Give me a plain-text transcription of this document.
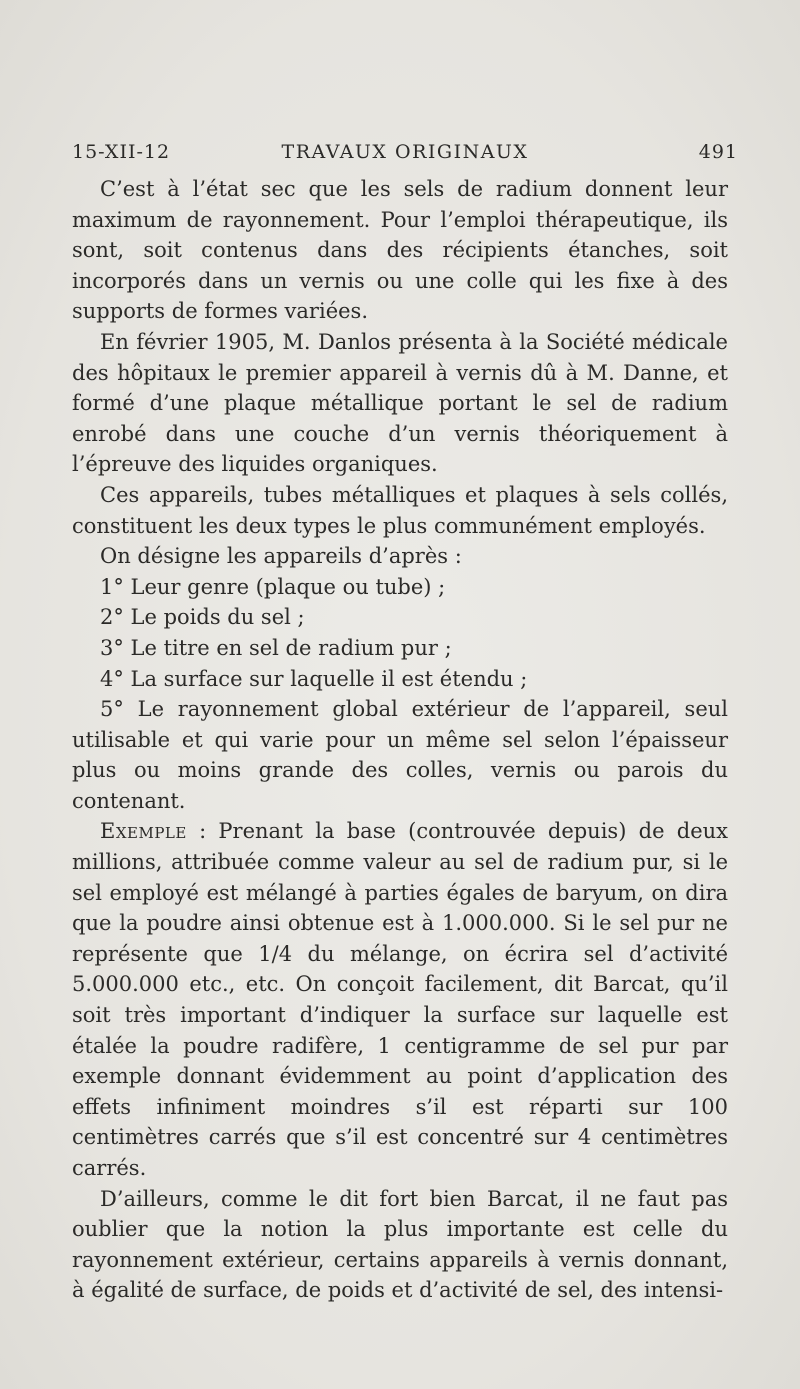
15-XII-12	TRAVAUX ORIGINAUX	491

C’est à l’état sec que les sels de radium donnent leur maximum de rayonnement. Pour l’emploi thérapeutique, ils sont, soit contenus dans des récipients étanches, soit incorporés dans un vernis ou une colle qui les fixe à des supports de formes variées.

En février 1905, M. Danlos présenta à la Société médicale des hôpitaux le premier appareil à vernis dû à M. Danne, et formé d’une plaque métallique portant le sel de radium enrobé dans une couche d’un vernis théoriquement à l’épreuve des liquides organiques.

Ces appareils, tubes métalliques et plaques à sels collés, constituent les deux types le plus communément employés.

On désigne les appareils d’après :

1° Leur genre (plaque ou tube) ;

2° Le poids du sel ;

3° Le titre en sel de radium pur ;

4° La surface sur laquelle il est étendu ;

5° Le rayonnement global extérieur de l’appareil, seul utilisable et qui varie pour un même sel selon l’épaisseur plus ou moins grande des colles, vernis ou parois du contenant.

Exemple : Prenant la base (controuvée depuis) de deux millions, attribuée comme valeur au sel de radium pur, si le sel employé est mélangé à parties égales de baryum, on dira que la poudre ainsi obtenue est à 1.000.000. Si le sel pur ne représente que 1/4 du mélange, on écrira sel d’activité 5.000.000 etc., etc. On conçoit facilement, dit Barcat, qu’il soit très important d’indiquer la surface sur laquelle est étalée la poudre radifère, 1 centigramme de sel pur par exemple donnant évidemment au point d’application des effets infiniment moindres s’il est réparti sur 100 centimètres carrés que s’il est concentré sur 4 centimètres carrés.

D’ailleurs, comme le dit fort bien Barcat, il ne faut pas oublier que la notion la plus importante est celle du rayonnement extérieur, certains appareils à vernis donnant, à égalité de surface, de poids et d’activité de sel, des intensi-
